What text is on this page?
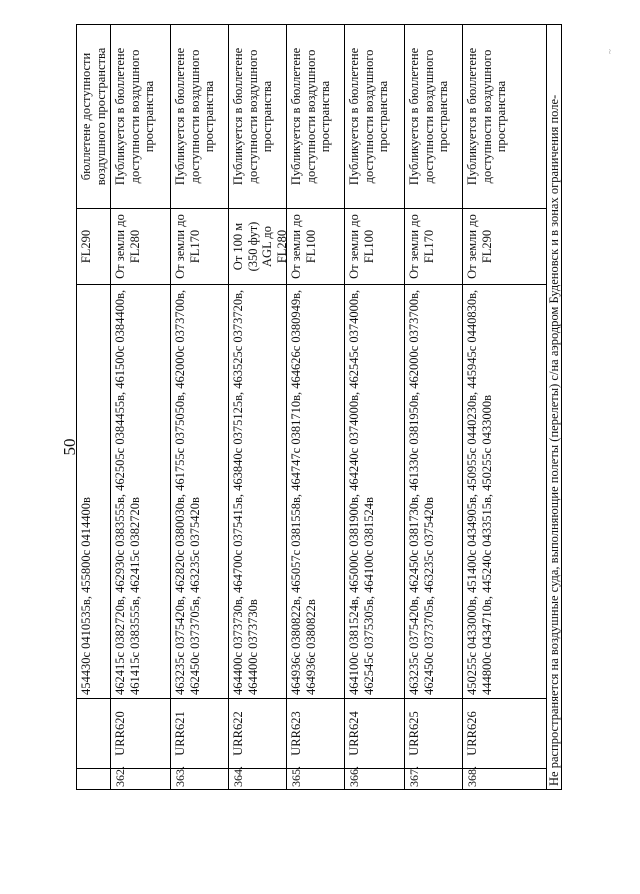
50
454430с 0410535в, 455800с 0414400в
FL290
бюллетене доступности воздушного пространства
362.
URR620
462415с 0382720в, 462930с 0383555в, 462505с 0384455в, 461500с 0384400в, 461415с 0383555в, 462415с 0382720в
От земли до FL280
Публикуется в бюллетене доступности воздушного пространства
363.
URR621
463235с 0375420в, 462820с 0380030в, 461755с 0375050в, 462000с 0373700в, 462450с 0373705в, 463235с 0375420в
От земли до FL170
Публикуется в бюллетене доступности воздушного пространства
364.
URR622
464400с 0373730в, 464700с 0375415в, 463840с 0375125в, 463525с 0373720в, 464400с 0373730в
От 100 м (350 фут) AGL до FL280
Публикуется в бюллетене доступности воздушного пространства
365.
URR623
464936с 0380822в, 465057с 0381558в, 464747с 0381710в, 464626с 0380949в, 464936с 0380822в
От земли до FL100
Публикуется в бюллетене доступности воздушного пространства
366.
URR624
464100с 0381524в, 465000с 0381900в, 464240с 0374000в, 462545с 0374000в, 462545с 0375305в, 464100с 0381524в
От земли до FL100
Публикуется в бюллетене доступности воздушного пространства
367.
URR625
463235с 0375420в, 462450с 0381730в, 461330с 0381950в, 462000с 0373700в, 462450с 0373705в, 463235с 0375420в
От земли до FL170
Публикуется в бюллетене доступности воздушного пространства
368.
URR626
450255с 0433000в, 451400с 0434905в, 450955с 0440230в, 445945с 0440830в, 444800с 0434710в, 445240с 0433515в, 450255с 0433000в
От земли до FL290
Публикуется в бюллетене доступности воздушного пространства	Не распространяется на воздушные суда, выполняющие полеты (перелеты) с/на аэродром Буденовск и в зонах ограничения поле-
~
